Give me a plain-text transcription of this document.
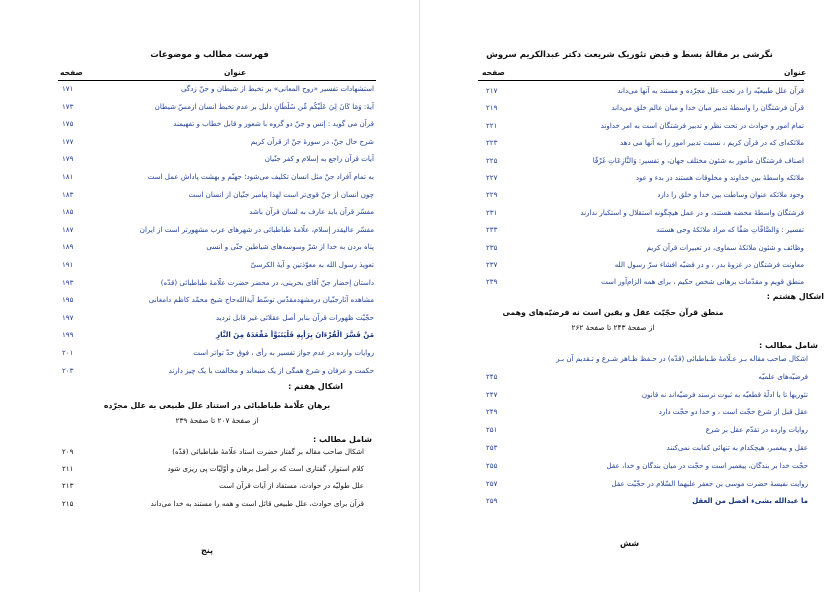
فهرست مطالب و موضوعات
عنوان
صفحه
۱۷۱	استشهادات تفسیر «روح المعانی» بر تخبط از شیطان و جنّ زدگی
۱۷۳	آیهٔ: وَمَا كَانَ لِيَ عَلَيْكُم مِّن سُلْطَانٍ دلیل بر عدم تخبط انسان ازمسّ شیطان
۱۷۵	قرآن می گوید : إنس و جنّ دو گروه با شعور و قابل خطاب و تفهیمند
۱۷۷	شرح حال جنّ، در سورهٔ جنّ از قرآن کریم
۱۷۹	آیات قرآن راجع به إسلام و کفر جنّیان
۱۸۱	به تمام آفراد جنّ مثل انسان تکلیف می‌شود؛ جهنّم و بهشت پاداش عمل است
۱۸۳	چون انسان از جنّ قوی‌تر است لهذا پیامبر جنّیان از انسان است
۱۸۵	مفسّر قرآن باید عارف به لسان قرآن باشد
۱۸۷	مفسّر عالیقدر إسلام، علّامهٔ طباطبائی در شهرهای عرب مشهورتر است از ایران
۱۸۹	پناه بردن به خدا از شرّ وسوسه‌های شیاطین جنّی و انسی
۱۹۱	تعویذ رسول الله به معوّذتین و آیهٔ الکرسیّ
۱۹۳	داستان إحضار جنّ آقای بحرینی، در محضر حضرت علّامهٔ طباطبائی (قدّه)
۱۹۵	مشاهده آثارجنّیان درمشهدمقدّس توسّط آیةالله‌حاج شیخ محمّد کاظم دامغانی
۱۹۷	حجّیّت ظهورات قرآن بنابر أصل عقلائی غیر قابل تردید
۱۹۹	مَنْ فَسَّرَ الْقُرْءَانَ بِرَأْيِهِ فَلْيَتَبَوَّأْ مَقْعَدَهُ مِنَ النَّارِ
۲۰۱	روایات وارده در عدم جواز تفسیر به رأی ، فوق حدّ تواتر است
۲۰۳	حکمت و عرفان و شرع همگی از یک منبعاند و مخالفت با یک چیز دارند
اشکال هفتم :
برهان علّامهٔ طباطبائی در استناد علل طبیعی به علل مجرّده
از صفحهٔ ۲۰۷ تا صفحهٔ ۲۳۹
شامل مطالب :
۲۰۹	اشکال صاحب مقاله بر گفتار حضرت استاد علّامهٔ طباطبائی (قدّه)
۲۱۱	کلام استوار، گفتاری است که بر أصل برهان و أوّلیّات پی ریزی شود
۲۱۳	علل طولیّه در حوادث، مستفاد از آیات قرآن است
۲۱۵	قرآن برای حوادث، علل طبیعی قائل است و همه را مستند به خدا می‌داند
پنج
نگرشی بر مقالهٔ بسط و قبض تئوریک شریعت دکتر عبدالکریم سروش
عنوان
صفحه
۲۱۷	قرآن علل طبیعیّه را در تحت علل مجرّده و مستند به آنها می‌داند
۲۱۹	قرآن فرشتگان را واسطهٔ تدبیر میان خدا و میان عالم خلق می‌داند
۲۲۱	تمام امور و حوادث در تحت نظر و تدبیر فرشتگان است به امر خداوند
۲۲۳	ملائکه‌ای که در قرآن کریم ، نسبت تدبیر امور را به آنها می دهد
۲۲۵	اصناف فرشتگان مأمور به شئون مختلف جهان، و تفسیر: وَالنَّازِعَاتِ غَرْقًا
۲۲۷	ملائکه واسطهٔ بین خداوند و مخلوقات هستند در بدء و عود
۲۲۹	وجود ملائکه عنوان وساطت بین خدا و خلق را دارد
۲۳۱	فرشتگان واسطهٔ محضه هستند، و در عمل هیچگونه استقلال و استکبار ندارند
۲۳۳	تفسیر : وَالصَّافَّاتِ صَفًّا که مراد ملائکهٔ وحی هستند
۲۳۵	وظائف و شئون ملائکهٔ سماوی، در تعبیرات قرآن کریم
۲۳۷	معاونت فرشتگان در غزوهٔ بدر ، و در قضیّه افشاء سرّ رسول الله
۲۳۹	منطق قویم و مقدّمات برهانی شخص حکیم ، برای همه الزام‌آور است
اشکال هشتم :
منطق قرآن حجّیّت عقل و یقین است نه فرضیّه‌های وهمی
از صفحهٔ ۲۴۳ تا صفحهٔ ۲۶۲
شامل مطالب :
اشکال صاحب مقاله بـر عـلّامهٔ طـباطبائی (قدّه) در حـفظ ظـاهر شـرع و تـقدیم آن بـر
۲۴۵	فرضیّه‌های علمیّه
۲۴۷	تئوریها تا با ادلّهٔ قطعیّه به ثبوت نرسند فرضیّه‌اند نه قانون
۲۴۹	عقل قبل از شرع حجّت است ، و خدا دو حجّت دارد
۲۵۱	روایات وارده در تقدّم عقل بر شرع
۲۵۳	عقل و پیغمبر، هیچکدام به تنهائی کفایت نمی‌کنند
۲۵۵	حجّت خدا بر بندگان، پیغمبر است و حجّت در میان بندگان و خدا، عقل
۲۵۷	روایت نفیسهٔ حضرت موسی بن جعفر علیهما السّلام در حجّیّت عقل
۲۵۹	ما عبدالله بشیء أفضل من العقل
شش
